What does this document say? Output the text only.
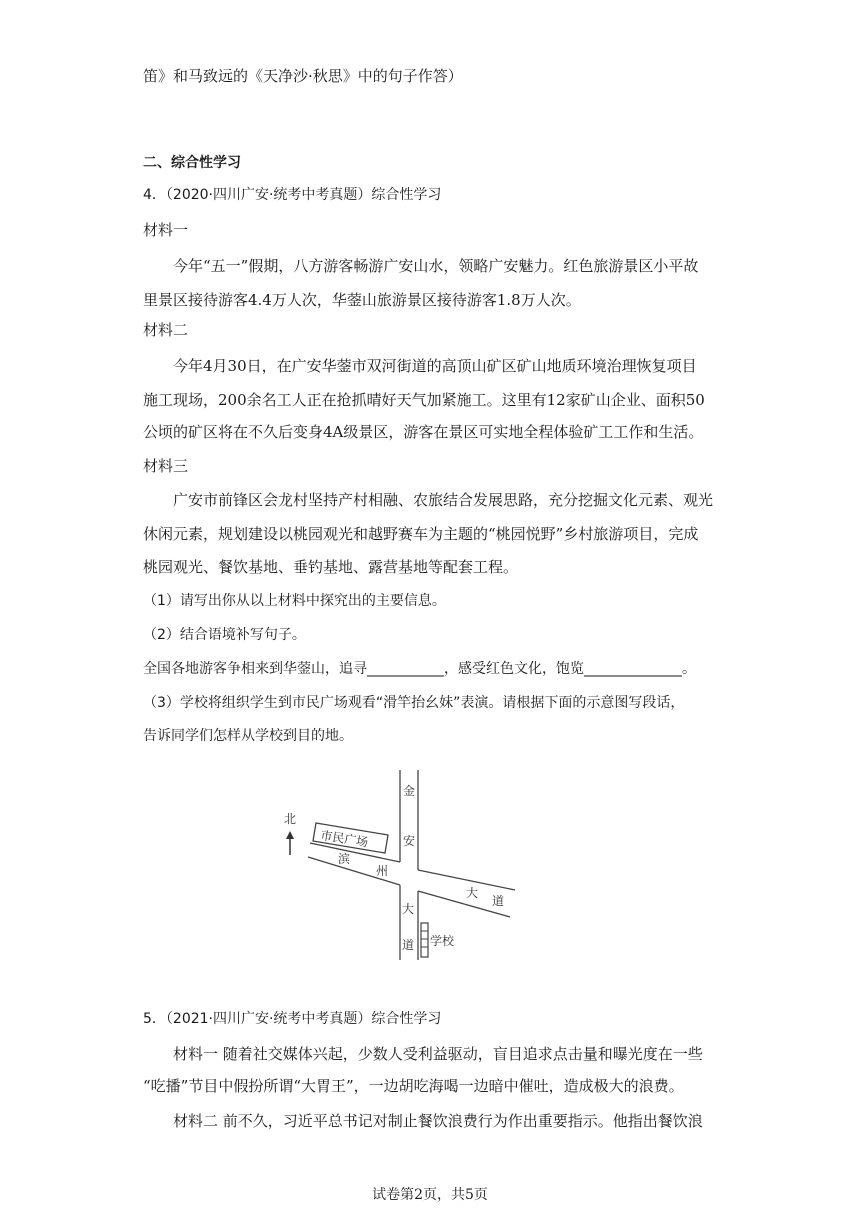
笛》和马致远的《天净沙·秋思》中的句子作答）
二、综合性学习
4．（2020·四川广安·统考中考真题）综合性学习
材料一
今年“五一”假期，八方游客畅游广安山水，领略广安魅力。红色旅游景区小平故
里景区接待游客4.4万人次，华蓥山旅游景区接待游客1.8万人次。
材料二
今年4月30日，在广安华蓥市双河街道的高顶山矿区矿山地质环境治理恢复项目
施工现场，200余名工人正在抢抓晴好天气加紧施工。这里有12家矿山企业、面积50
公顷的矿区将在不久后变身4A级景区，游客在景区可实地全程体验矿工工作和生活。
材料三
广安市前锋区会龙村坚持产村相融、农旅结合发展思路，充分挖掘文化元素、观光
休闲元素，规划建设以桃园观光和越野赛车为主题的“桃园悦野”乡村旅游项目，完成
桃园观光、餐饮基地、垂钓基地、露营基地等配套工程。
（1）请写出你从以上材料中探究出的主要信息。
（2）结合语境补写句子。
全国各地游客争相来到华蓥山，追寻___________，感受红色文化，饱览______________。
（3）学校将组织学生到市民广场观看“滑竿抬幺妹”表演。请根据下面的示意图写段话，
告诉同学们怎样从学校到目的地。
北
市民广场
金
安
大
道
滨
州
大
道
学校
5．（2021·四川广安·统考中考真题）综合性学习
材料一 随着社交媒体兴起，少数人受利益驱动，盲目追求点击量和曝光度在一些
“吃播”节目中假扮所谓“大胃王”，一边胡吃海喝一边暗中催吐，造成极大的浪费。
材料二 前不久，习近平总书记对制止餐饮浪费行为作出重要指示。他指出餐饮浪
试卷第2页，共5页
